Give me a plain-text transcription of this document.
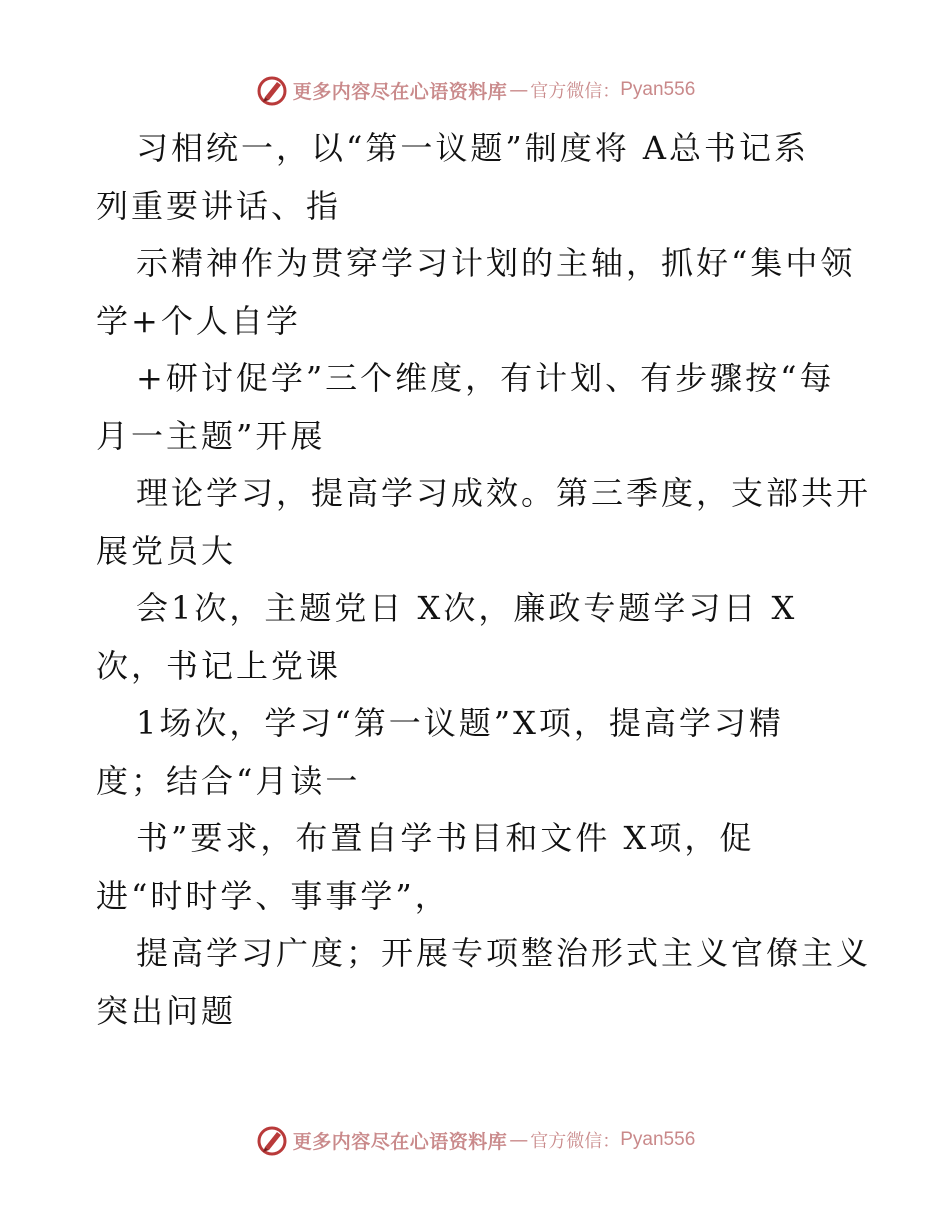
更多内容尽在心语资料库 — 官方微信： Pyan556
习相统一，以“第一议题”制度将 A总书记系
列重要讲话、指
示精神作为贯穿学习计划的主轴，抓好“集中领
学+个人自学
+研讨促学”三个维度，有计划、有步骤按“每
月一主题”开展
理论学习，提高学习成效。第三季度，支部共开
展党员大
会1次，主题党日 X次，廉政专题学习日 X
次，书记上党课
1场次，学习“第一议题”X项，提高学习精
度；结合“月读一
书”要求，布置自学书目和文件 X项，促
进“时时学、事事学”，
提高学习广度；开展专项整治形式主义官僚主义
突出问题
更多内容尽在心语资料库 — 官方微信： Pyan556
